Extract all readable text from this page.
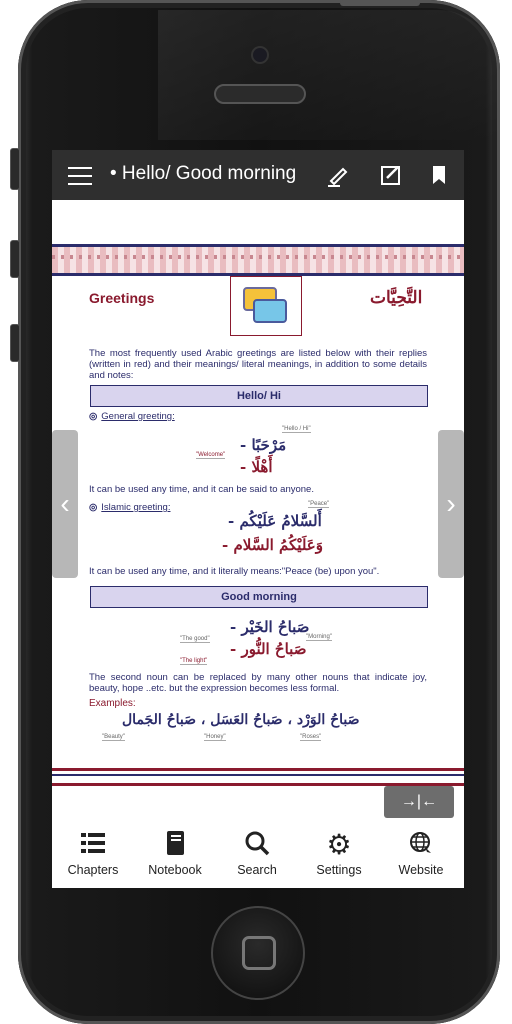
• Hello/ Good morning
Greetings	التَّحِيَّات
The most frequently used Arabic greetings are listed below with their replies (written in red) and their meanings/ literal meanings, in addition to some details and notes:
Hello/ Hi
◎ General greeting:
"Hello / Hi"
- مَرْحَبًا
"Welcome"
- أَهْلًا
It can be used any time, and it can be said to anyone.
◎ Islamic greeting:	"Peace"
- أَلسَّلامُ عَلَيْكُم
- وَعَلَيْكُمُ السَّلام
It can be used any time, and it literally means:"Peace (be) upon you".
Good morning
- صَباحُ الخَيْر
"The good"	"Morning"
- صَباحُ النُّور
"The light"
The second noun can be replaced by many other nouns that indicate joy, beauty, hope ..etc. but the expression becomes less formal.
Examples:
صَباحُ الوَرْد ، صَباحُ العَسَل ، صَباحُ الجَمال
"Beauty"	"Honey"	"Roses"
‹	›
→|←
Chapters	Notebook	Search
⚙
Settings	Website
